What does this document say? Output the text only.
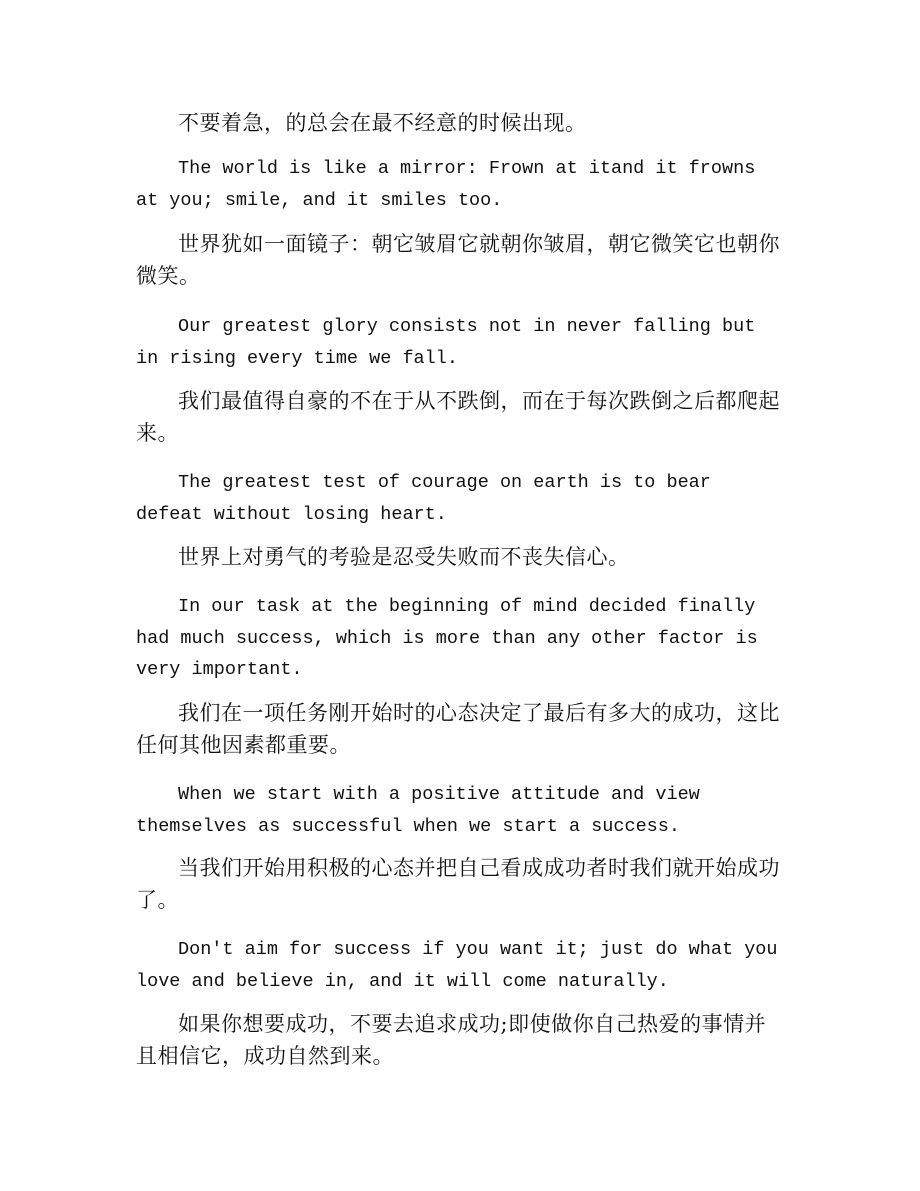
不要着急，的总会在最不经意的时候出现。

The world is like a mirror: Frown at itand it frowns at you; smile, and it smiles too.

世界犹如一面镜子：朝它皱眉它就朝你皱眉，朝它微笑它也朝你微笑。

Our greatest glory consists not in never falling but in rising every time we fall.

我们最值得自豪的不在于从不跌倒，而在于每次跌倒之后都爬起来。

The greatest test of courage on earth is to bear defeat without losing heart.

世界上对勇气的考验是忍受失败而不丧失信心。

In our task at the beginning of mind decided finally had much success, which is more than any other factor is very important.

我们在一项任务刚开始时的心态决定了最后有多大的成功，这比任何其他因素都重要。

When we start with a positive attitude and view themselves as successful when we start a success.

当我们开始用积极的心态并把自己看成成功者时我们就开始成功了。

Don't aim for success if you want it; just do what you love and believe in, and it will come naturally.

如果你想要成功，不要去追求成功;即使做你自己热爱的事情并且相信它，成功自然到来。
